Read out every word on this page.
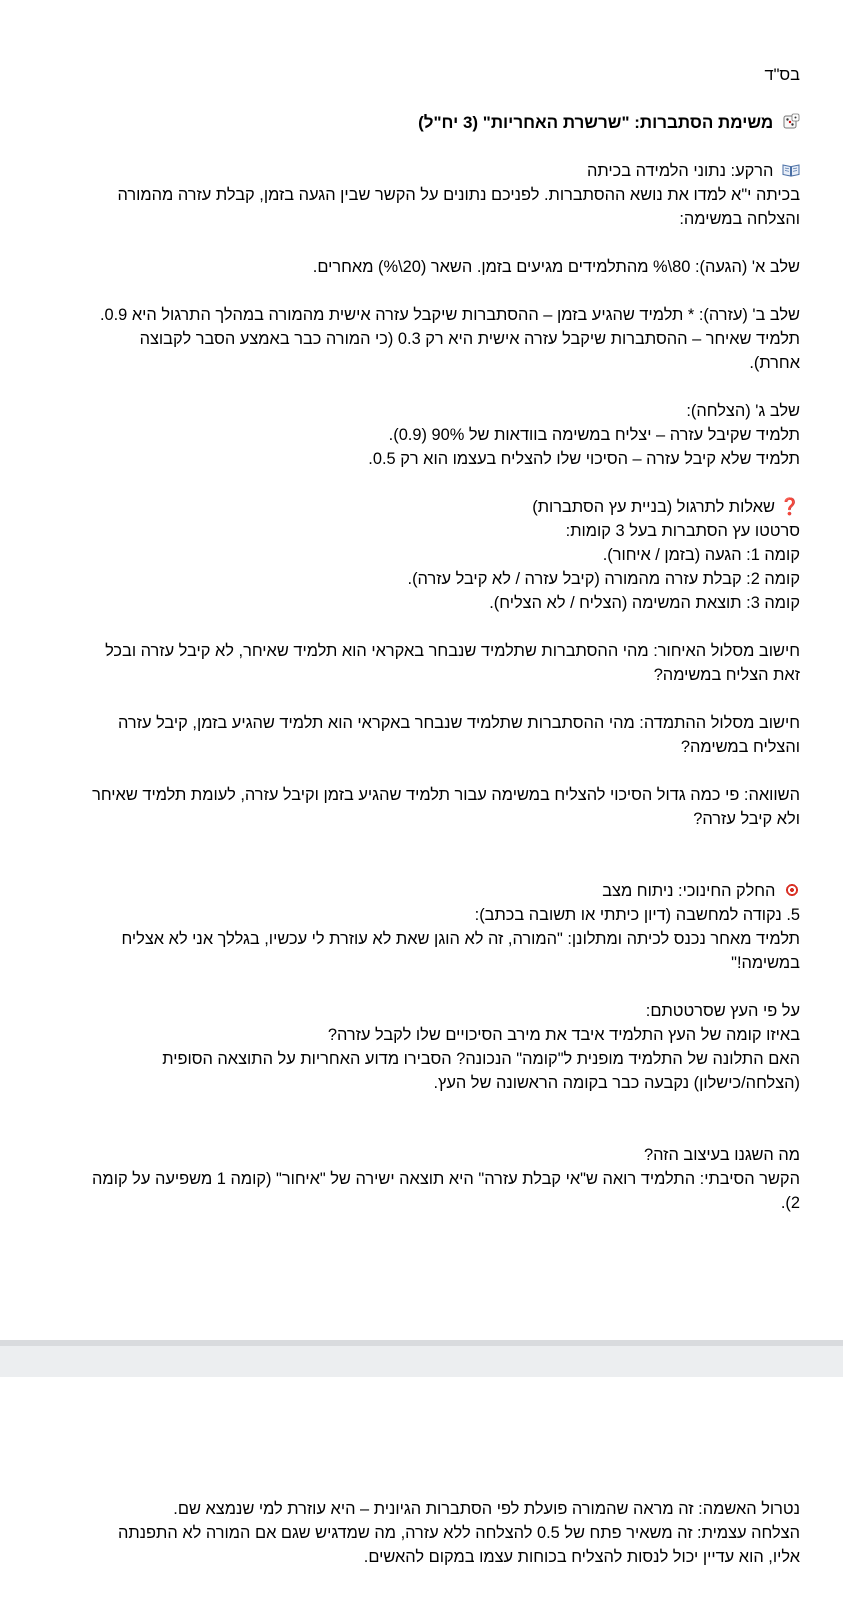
בס"ד

משימת הסתברות: "שרשרת האחריות" (3 יח"ל)

הרקע: נתוני הלמידה בכיתה

בכיתה י"א למדו את נושא ההסתברות. לפניכם נתונים על הקשר שבין הגעה בזמן, קבלת עזרה מהמורה

והצלחה במשימה:

שלב א' (הגעה): 80\% מהתלמידים מגיעים בזמן. השאר (20\%) מאחרים.

שלב ב' (עזרה): * תלמיד שהגיע בזמן – ההסתברות שיקבל עזרה אישית מהמורה במהלך התרגול היא 0.9.

תלמיד שאיחר – ההסתברות שיקבל עזרה אישית היא רק 0.3 (כי המורה כבר באמצע הסבר לקבוצה

אחרת).

שלב ג' (הצלחה):

תלמיד שקיבל עזרה – יצליח במשימה בוודאות של 90% (0.9).

תלמיד שלא קיבל עזרה – הסיכוי שלו להצליח בעצמו הוא רק 0.5.

❓ שאלות לתרגול (בניית עץ הסתברות)

סרטטו עץ הסתברות בעל 3 קומות:

קומה 1: הגעה (בזמן / איחור).

קומה 2: קבלת עזרה מהמורה (קיבל עזרה / לא קיבל עזרה).

קומה 3: תוצאת המשימה (הצליח / לא הצליח).

חישוב מסלול האיחור: מהי ההסתברות שתלמיד שנבחר באקראי הוא תלמיד שאיחר, לא קיבל עזרה ובכל

זאת הצליח במשימה?

חישוב מסלול ההתמדה: מהי ההסתברות שתלמיד שנבחר באקראי הוא תלמיד שהגיע בזמן, קיבל עזרה

והצליח במשימה?

השוואה: פי כמה גדול הסיכוי להצליח במשימה עבור תלמיד שהגיע בזמן וקיבל עזרה, לעומת תלמיד שאיחר

ולא קיבל עזרה?

החלק החינוכי: ניתוח מצב

5. נקודה למחשבה (דיון כיתתי או תשובה בכתב):

תלמיד מאחר נכנס לכיתה ומתלונן: "המורה, זה לא הוגן שאת לא עוזרת לי עכשיו, בגללך אני לא אצליח

במשימה!"

על פי העץ שסרטטתם:

באיזו קומה של העץ התלמיד איבד את מירב הסיכויים שלו לקבל עזרה?

האם התלונה של התלמיד מופנית ל"קומה" הנכונה? הסבירו מדוע האחריות על התוצאה הסופית

(הצלחה/כישלון) נקבעה כבר בקומה הראשונה של העץ.

מה השגנו בעיצוב הזה?

הקשר הסיבתי: התלמיד רואה ש"אי קבלת עזרה" היא תוצאה ישירה של "איחור" (קומה 1 משפיעה על קומה

2).

נטרול האשמה: זה מראה שהמורה פועלת לפי הסתברות הגיונית – היא עוזרת למי שנמצא שם.

הצלחה עצמית: זה משאיר פתח של 0.5 להצלחה ללא עזרה, מה שמדגיש שגם אם המורה לא התפנתה

אליו, הוא עדיין יכול לנסות להצליח בכוחות עצמו במקום להאשים.
